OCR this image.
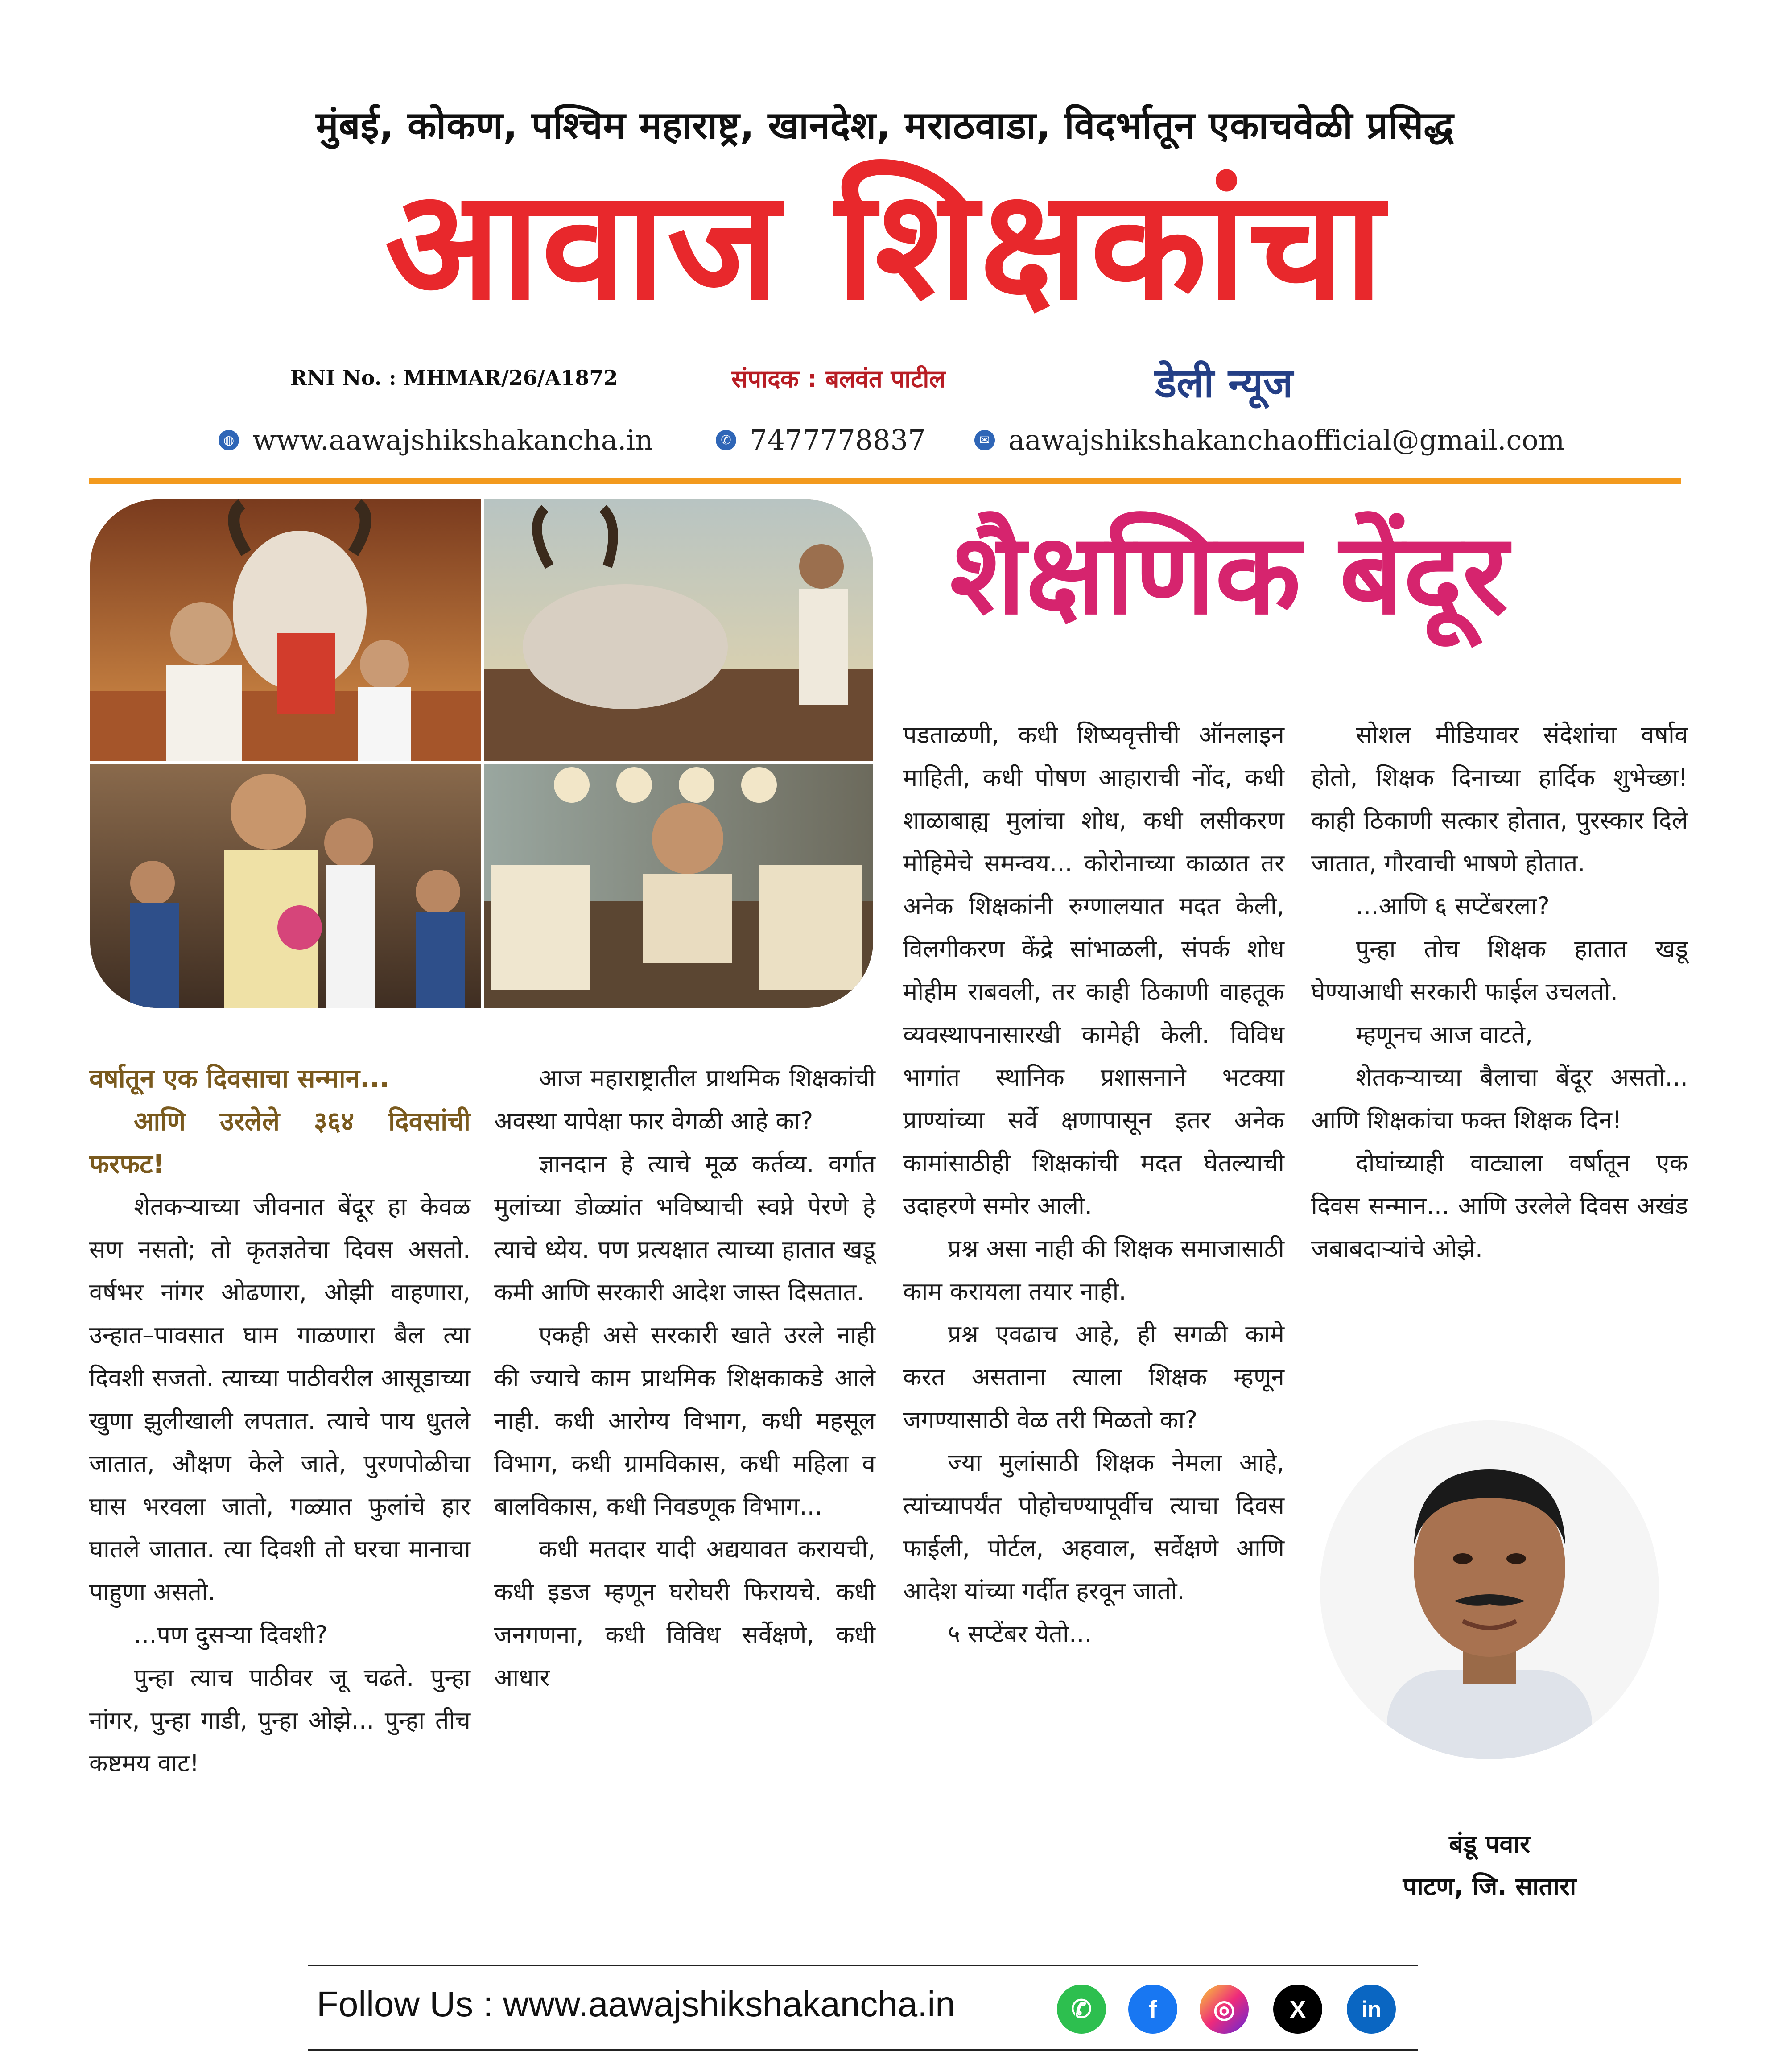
मुंबई, कोकण, पश्चिम महाराष्ट्र, खानदेश, मराठवाडा, विदर्भातून एकाचवेळी प्रसिद्ध
आवाज शिक्षकांचा
RNI No. : MHMAR/26/A1872	संपादक : बलवंत पाटील	डेली न्यूज
◍ www.aawajshikshakancha.in	✆ 7477778837	✉ aawajshikshakanchaofficial@gmail.com
शैक्षणिक बेंदूर

वर्षातून एक दिवसाचा सन्मान...

आणि उरलेले ३६४ दिवसांची फरफट!

शेतकऱ्याच्या जीवनात बेंदूर हा केवळ सण नसतो; तो कृतज्ञतेचा दिवस असतो. वर्षभर नांगर ओढणारा, ओझी वाहणारा, उन्हात–पावसात घाम गाळणारा बैल त्या दिवशी सजतो. त्याच्या पाठीवरील आसूडाच्या खुणा झुलीखाली लपतात. त्याचे पाय धुतले जातात, औक्षण केले जाते, पुरणपोळीचा घास भरवला जातो, गळ्यात फुलांचे हार घातले जातात. त्या दिवशी तो घरचा मानाचा पाहुणा असतो.

...पण दुसऱ्या दिवशी?

पुन्हा त्याच पाठीवर जू चढते. पुन्हा नांगर, पुन्हा गाडी, पुन्हा ओझे... पुन्हा तीच कष्टमय वाट!

आज महाराष्ट्रातील प्राथमिक शिक्षकांची अवस्था यापेक्षा फार वेगळी आहे का?

ज्ञानदान हे त्याचे मूळ कर्तव्य. वर्गात मुलांच्या डोळ्यांत भविष्याची स्वप्ने पेरणे हे त्याचे ध्येय. पण प्रत्यक्षात त्याच्या हातात खडू कमी आणि सरकारी आदेश जास्त दिसतात.

एकही असे सरकारी खाते उरले नाही की ज्याचे काम प्राथमिक शिक्षकाकडे आले नाही. कधी आरोग्य विभाग, कधी महसूल विभाग, कधी ग्रामविकास, कधी महिला व बालविकास, कधी निवडणूक विभाग...

कधी मतदार यादी अद्ययावत करायची, कधी इडज म्हणून घरोघरी फिरायचे. कधी जनगणना, कधी विविध सर्वेक्षणे, कधी आधार

पडताळणी, कधी शिष्यवृत्तीची ऑनलाइन माहिती, कधी पोषण आहाराची नोंद, कधी शाळाबाह्य मुलांचा शोध, कधी लसीकरण मोहिमेचे समन्वय... कोरोनाच्या काळात तर अनेक शिक्षकांनी रुग्णालयात मदत केली, विलगीकरण केंद्रे सांभाळली, संपर्क शोध मोहीम राबवली, तर काही ठिकाणी वाहतूक व्यवस्थापनासारखी कामेही केली. विविध भागांत स्थानिक प्रशासनाने भटक्या प्राण्यांच्या सर्वे क्षणापासून इतर अनेक कामांसाठीही शिक्षकांची मदत घेतल्याची उदाहरणे समोर आली.

प्रश्न असा नाही की शिक्षक समाजासाठी काम करायला तयार नाही.

प्रश्न एवढाच आहे, ही सगळी कामे करत असताना त्याला शिक्षक म्हणून जगण्यासाठी वेळ तरी मिळतो का?

ज्या मुलांसाठी शिक्षक नेमला आहे, त्यांच्यापर्यंत पोहोचण्यापूर्वीच त्याचा दिवस फाईली, पोर्टल, अहवाल, सर्वेक्षणे आणि आदेश यांच्या गर्दीत हरवून जातो.

५ सप्टेंबर येतो...

सोशल मीडियावर संदेशांचा वर्षाव होतो, शिक्षक दिनाच्या हार्दिक शुभेच्छा! काही ठिकाणी सत्कार होतात, पुरस्कार दिले जातात, गौरवाची भाषणे होतात.

...आणि ६ सप्टेंबरला?

पुन्हा तोच शिक्षक हातात खडू घेण्याआधी सरकारी फाईल उचलतो.

म्हणूनच आज वाटते,

शेतकऱ्याच्या बैलाचा बेंदूर असतो... आणि शिक्षकांचा फक्त शिक्षक दिन!

दोघांच्याही वाट्याला वर्षातून एक दिवस सन्मान... आणि उरलेले दिवस अखंड जबाबदाऱ्यांचे ओझे.

बंडू पवार
पाटण, जि. सातारा
Follow Us : www.aawajshikshakancha.in	✆	f	◎	X	in
